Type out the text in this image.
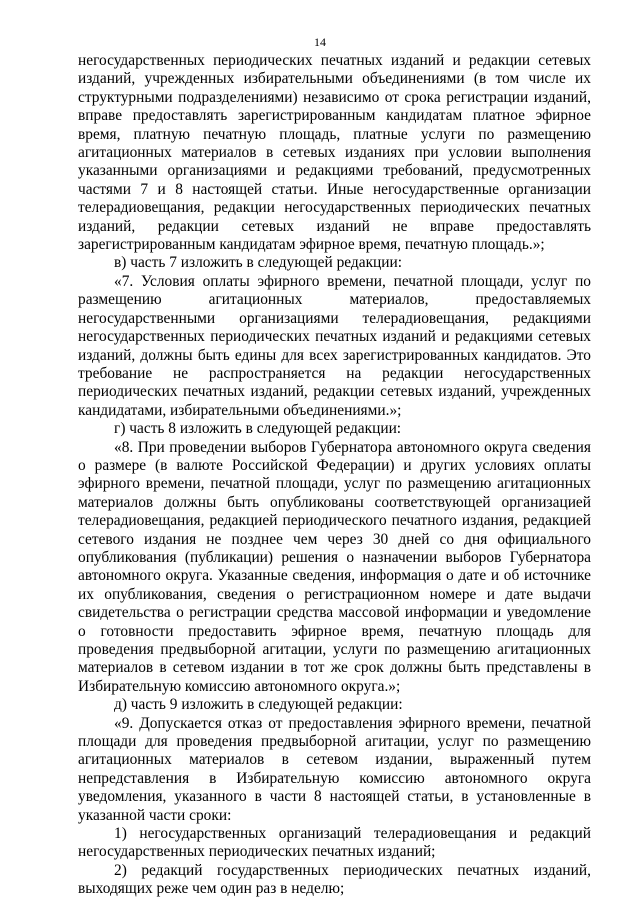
14

негосударственных периодических печатных изданий и редакции сетевых изданий, учрежденных избирательными объединениями (в том числе их структурными подразделениями) независимо от срока регистрации изданий, вправе предоставлять зарегистрированным кандидатам платное эфирное время, платную печатную площадь, платные услуги по размещению агитационных материалов в сетевых изданиях при условии выполнения указанными организациями и редакциями требований, предусмотренных частями 7 и 8 настоящей статьи. Иные негосударственные организации телерадиовещания, редакции негосударственных периодических печатных изданий, редакции сетевых изданий не вправе предоставлять зарегистрированным кандидатам эфирное время, печатную площадь.»;

в) часть 7 изложить в следующей редакции:

«7. Условия оплаты эфирного времени, печатной площади, услуг по размещению агитационных материалов, предоставляемых негосударственными организациями телерадиовещания, редакциями негосударственных периодических печатных изданий и редакциями сетевых изданий, должны быть едины для всех зарегистрированных кандидатов. Это требование не распространяется на редакции негосударственных периодических печатных изданий, редакции сетевых изданий, учрежденных кандидатами, избирательными объединениями.»;

г) часть 8 изложить в следующей редакции:

«8. При проведении выборов Губернатора автономного округа сведения о размере (в валюте Российской Федерации) и других условиях оплаты эфирного времени, печатной площади, услуг по размещению агитационных материалов должны быть опубликованы соответствующей организацией телерадиовещания, редакцией периодического печатного издания, редакцией сетевого издания не позднее чем через 30 дней со дня официального опубликования (публикации) решения о назначении выборов Губернатора автономного округа. Указанные сведения, информация о дате и об источнике их опубликования, сведения о регистрационном номере и дате выдачи свидетельства о регистрации средства массовой информации и уведомление о готовности предоставить эфирное время, печатную площадь для проведения предвыборной агитации, услуги по размещению агитационных материалов в сетевом издании в тот же срок должны быть представлены в Избирательную комиссию автономного округа.»;

д) часть 9 изложить в следующей редакции:

«9. Допускается отказ от предоставления эфирного времени, печатной площади для проведения предвыборной агитации, услуг по размещению агитационных материалов в сетевом издании, выраженный путем непредставления в Избирательную комиссию автономного округа уведомления, указанного в части 8 настоящей статьи, в установленные в указанной части сроки:

1) негосударственных организаций телерадиовещания и редакций негосударственных периодических печатных изданий;

2) редакций государственных периодических печатных изданий, выходящих реже чем один раз в неделю;
